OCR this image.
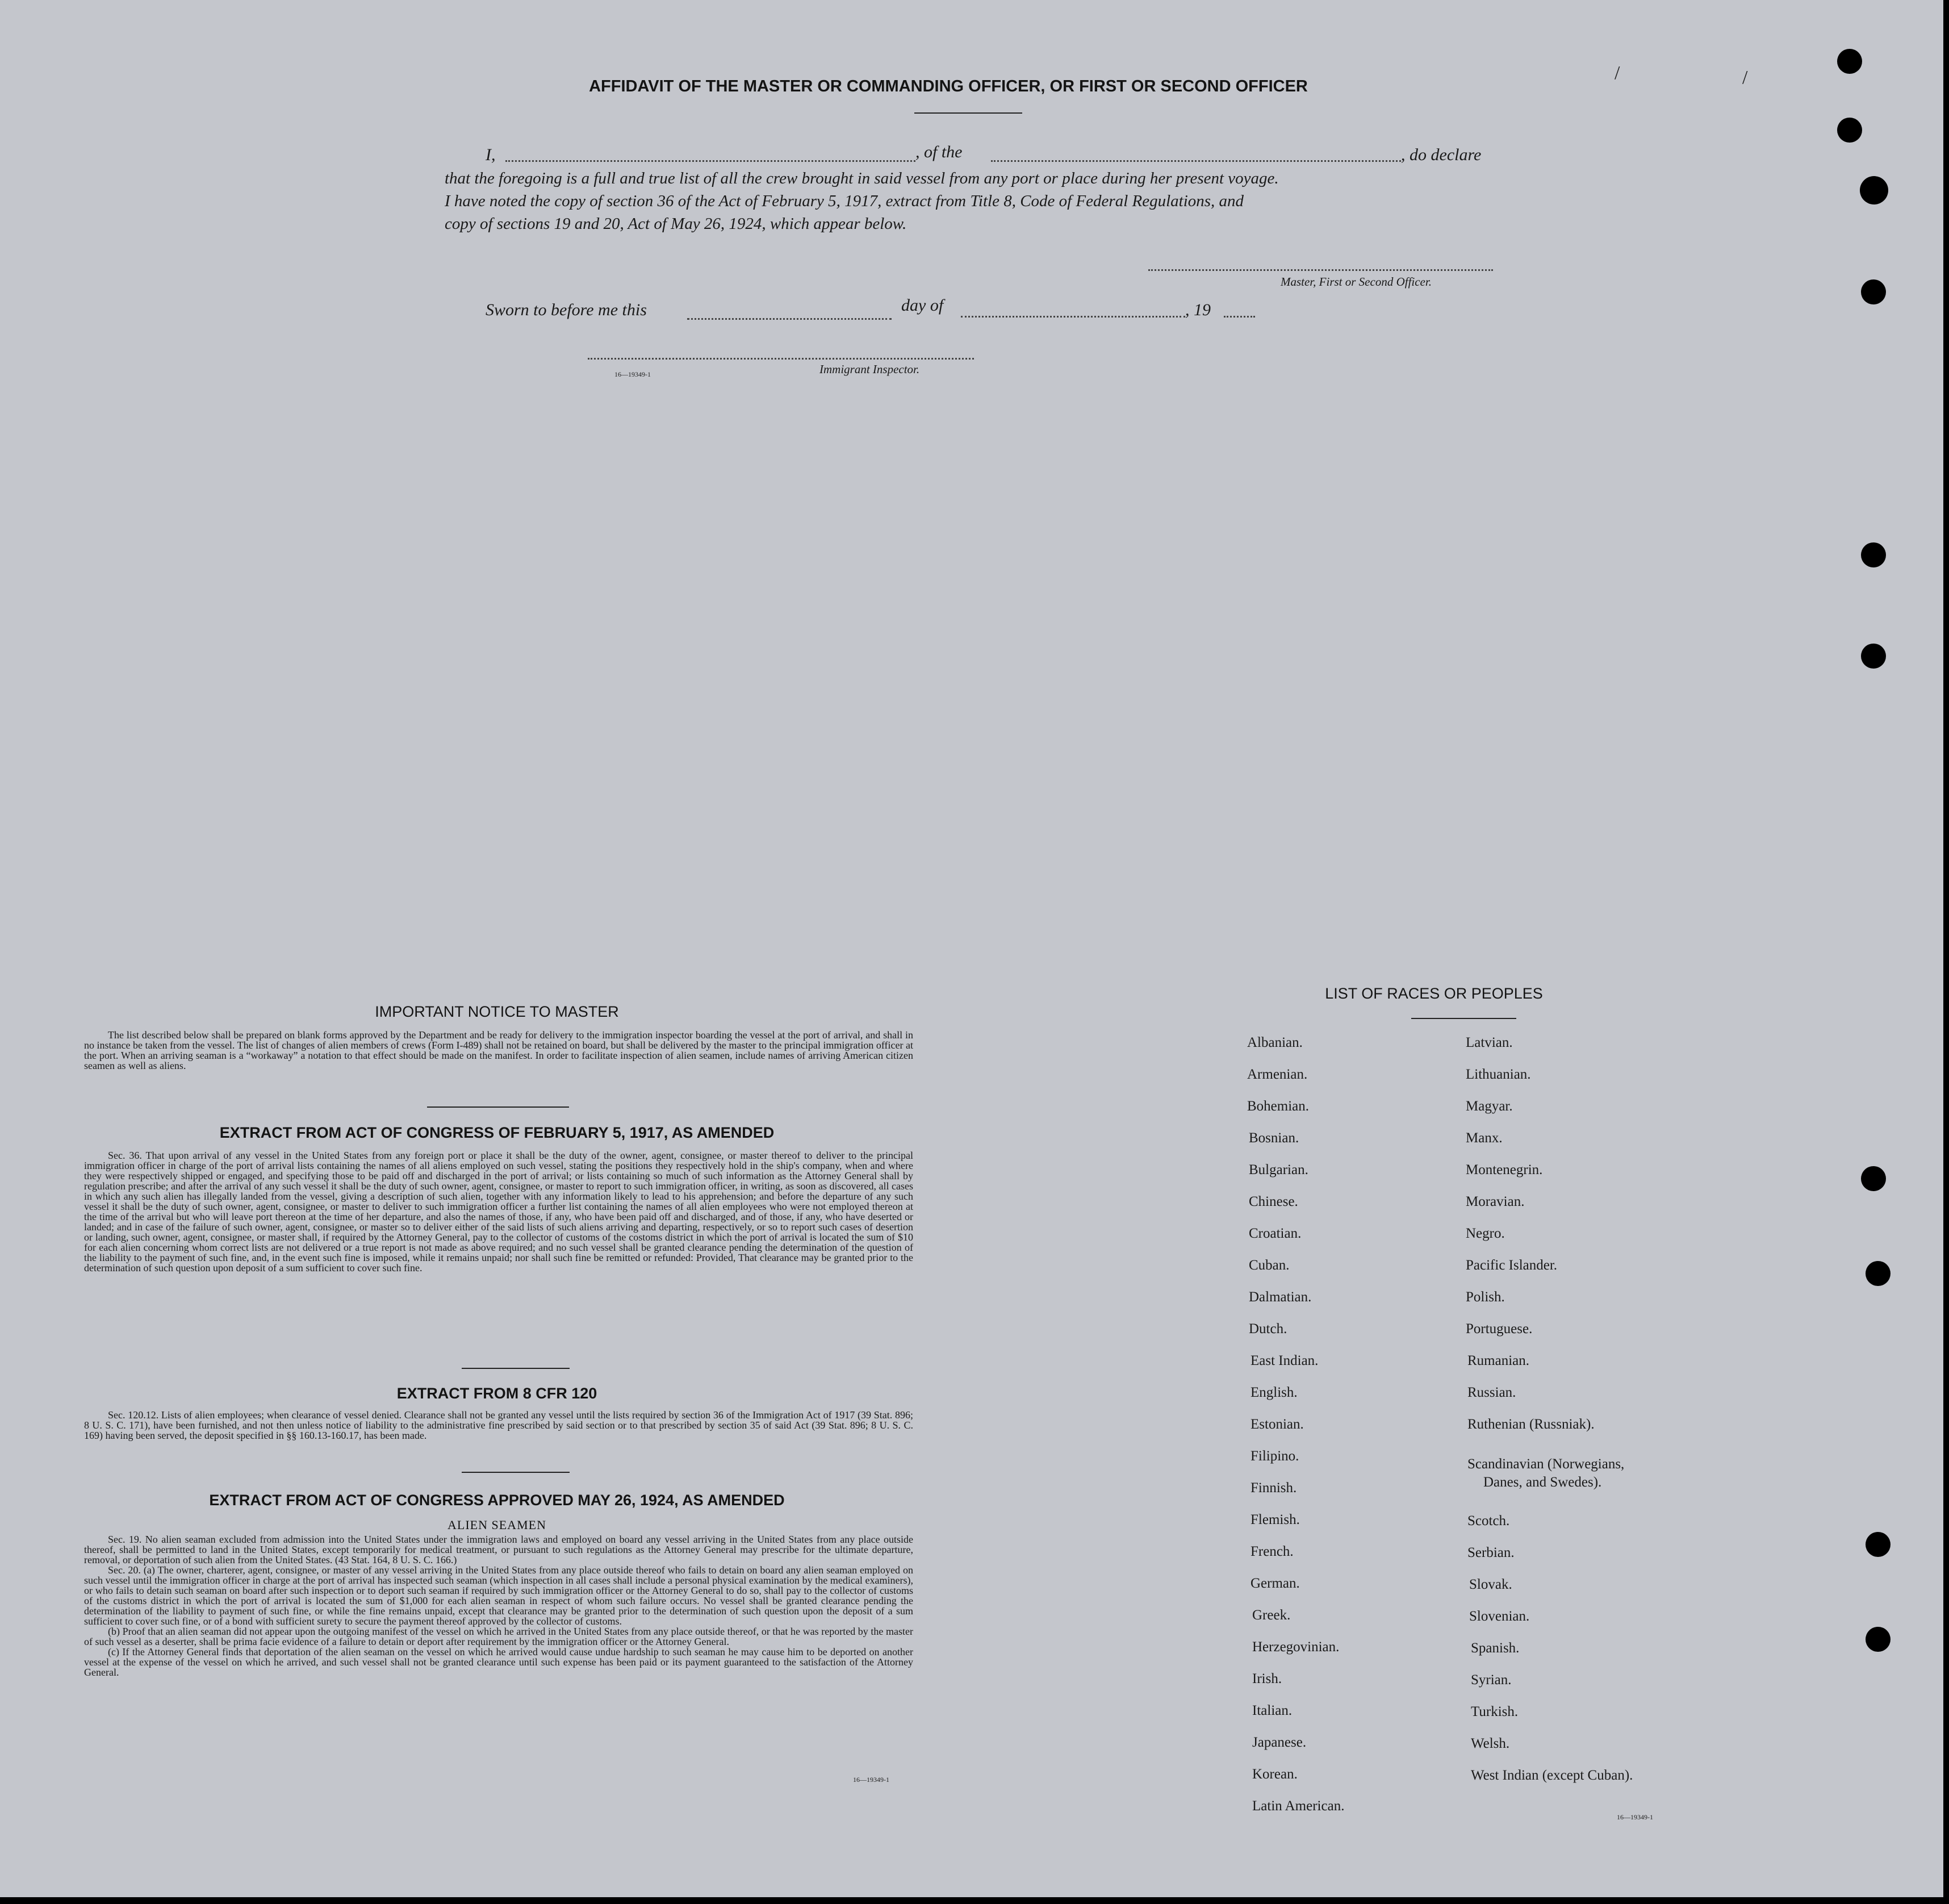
/	/
AFFIDAVIT OF THE MASTER OR COMMANDING OFFICER, OR FIRST OR SECOND OFFICER
I,	, of the	, do declare
that the foregoing is a full and true list of all the crew brought in said vessel from any port or place during her present voyage.
I have noted the copy of section 36 of the Act of February 5, 1917, extract from Title 8, Code of Federal Regulations, and
copy of sections 19 and 20, Act of May 26, 1924, which appear below.
Master, First or Second Officer.
Sworn to before me this	day of	, 19
16—19349-1	Immigrant Inspector.
IMPORTANT NOTICE TO MASTER

The list described below shall be prepared on blank forms approved by the Department and be ready for delivery to the immigration inspector boarding the vessel at the port of arrival, and shall in no instance be taken from the vessel. The list of changes of alien members of crews (Form I-489) shall not be retained on board, but shall be delivered by the master to the principal immigration officer at the port. When an arriving seaman is a “workaway” a notation to that effect should be made on the manifest. In order to facilitate inspection of alien seamen, include names of arriving American citizen seamen as well as aliens.

EXTRACT FROM ACT OF CONGRESS OF FEBRUARY 5, 1917, AS AMENDED

Sec. 36. That upon arrival of any vessel in the United States from any foreign port or place it shall be the duty of the owner, agent, consignee, or master thereof to deliver to the principal immigration officer in charge of the port of arrival lists containing the names of all aliens employed on such vessel, stating the positions they respectively hold in the ship's company, when and where they were respectively shipped or engaged, and specifying those to be paid off and discharged in the port of arrival; or lists containing so much of such information as the Attorney General shall by regulation prescribe; and after the arrival of any such vessel it shall be the duty of such owner, agent, consignee, or master to report to such immigration officer, in writing, as soon as discovered, all cases in which any such alien has illegally landed from the vessel, giving a description of such alien, together with any information likely to lead to his apprehension; and before the departure of any such vessel it shall be the duty of such owner, agent, consignee, or master to deliver to such immigration officer a further list containing the names of all alien employees who were not employed thereon at the time of the arrival but who will leave port thereon at the time of her departure, and also the names of those, if any, who have been paid off and discharged, and of those, if any, who have deserted or landed; and in case of the failure of such owner, agent, consignee, or master so to deliver either of the said lists of such aliens arriving and departing, respectively, or so to report such cases of desertion or landing, such owner, agent, consignee, or master shall, if required by the Attorney General, pay to the collector of customs of the costoms district in which the port of arrival is located the sum of $10 for each alien concerning whom correct lists are not delivered or a true report is not made as above required; and no such vessel shall be granted clearance pending the determination of the question of the liability to the payment of such fine, and, in the event such fine is imposed, while it remains unpaid; nor shall such fine be remitted or refunded: Provided, That clearance may be granted prior to the determination of such question upon deposit of a sum sufficient to cover such fine.

EXTRACT FROM 8 CFR 120

Sec. 120.12. Lists of alien employees; when clearance of vessel denied. Clearance shall not be granted any vessel until the lists required by section 36 of the Immigration Act of 1917 (39 Stat. 896; 8 U. S. C. 171), have been furnished, and not then unless notice of liability to the administrative fine prescribed by said section or to that prescribed by section 35 of said Act (39 Stat. 896; 8 U. S. C. 169) having been served, the deposit specified in §§ 160.13-160.17, has been made.

EXTRACT FROM ACT OF CONGRESS APPROVED MAY 26, 1924, AS AMENDED
ALIEN SEAMEN

Sec. 19. No alien seaman excluded from admission into the United States under the immigration laws and employed on board any vessel arriving in the United States from any place outside thereof, shall be permitted to land in the United States, except temporarily for medical treatment, or pursuant to such regulations as the Attorney General may prescribe for the ultimate departure, removal, or deportation of such alien from the United States. (43 Stat. 164, 8 U. S. C. 166.)

Sec. 20. (a) The owner, charterer, agent, consignee, or master of any vessel arriving in the United States from any place outside thereof who fails to detain on board any alien seaman employed on such vessel until the immigration officer in charge at the port of arrival has inspected such seaman (which inspection in all cases shall include a personal physical examination by the medical examiners), or who fails to detain such seaman on board after such inspection or to deport such seaman if required by such immigration officer or the Attorney General to do so, shall pay to the collector of customs of the customs district in which the port of arrival is located the sum of $1,000 for each alien seaman in respect of whom such failure occurs. No vessel shall be granted clearance pending the determination of the liability to payment of such fine, or while the fine remains unpaid, except that clearance may be granted prior to the determination of such question upon the deposit of a sum sufficient to cover such fine, or of a bond with sufficient surety to secure the payment thereof approved by the collector of customs.

(b) Proof that an alien seaman did not appear upon the outgoing manifest of the vessel on which he arrived in the United States from any place outside thereof, or that he was reported by the master of such vessel as a deserter, shall be prima facie evidence of a failure to detain or deport after requirement by the immigration officer or the Attorney General.

(c) If the Attorney General finds that deportation of the alien seaman on the vessel on which he arrived would cause undue hardship to such seaman he may cause him to be deported on another vessel at the expense of the vessel on which he arrived, and such vessel shall not be granted clearance until such expense has been paid or its payment guaranteed to the satisfaction of the Attorney General.

16—19349-1
LIST OF RACES OR PEOPLES
Albanian.
Armenian.
Bohemian.
Bosnian.
Bulgarian.
Chinese.
Croatian.
Cuban.
Dalmatian.
Dutch.
East Indian.
English.
Estonian.
Filipino.
Finnish.
Flemish.
French.
German.
Greek.
Herzegovinian.
Irish.
Italian.
Japanese.
Korean.
Latin American.
Latvian.
Lithuanian.
Magyar.
Manx.
Montenegrin.
Moravian.
Negro.
Pacific Islander.
Polish.
Portuguese.
Rumanian.
Russian.
Ruthenian (Russniak).
Scandinavian (Norwegians,
Danes, and Swedes).
Scotch.
Serbian.
Slovak.
Slovenian.
Spanish.
Syrian.
Turkish.
Welsh.
West Indian (except Cuban).
16—19349-1
